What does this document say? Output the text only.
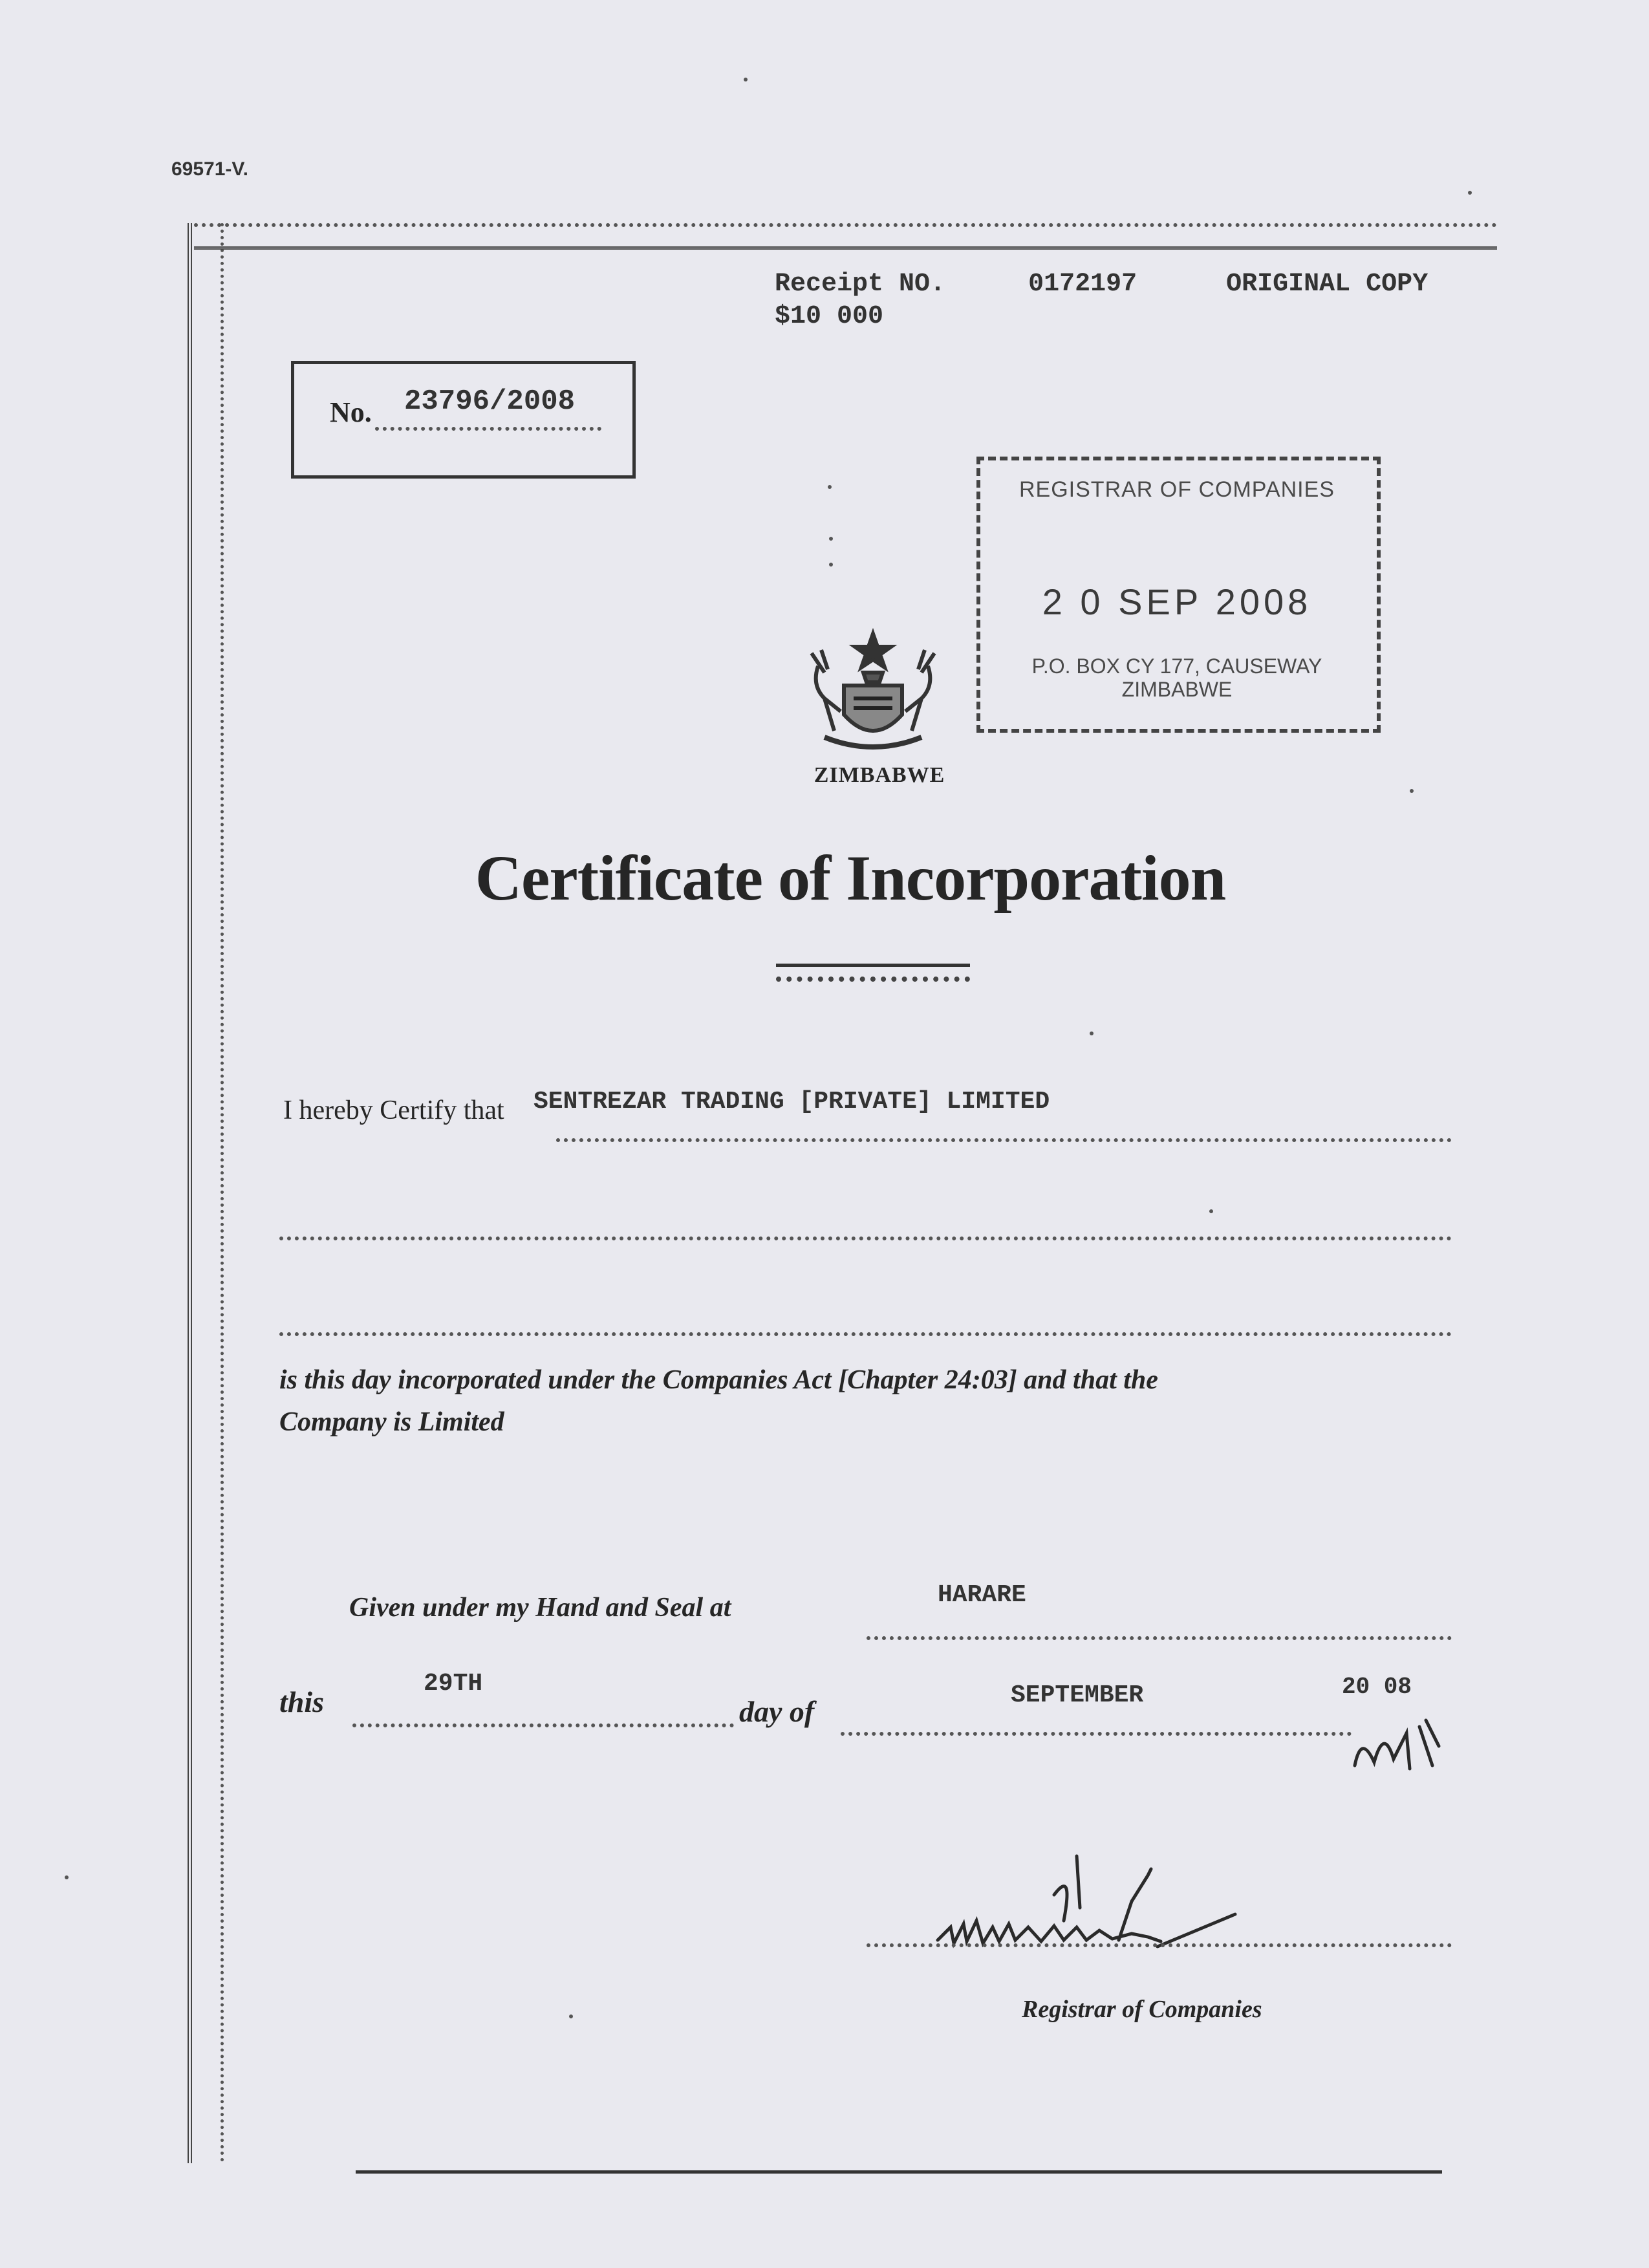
69571-V.
Receipt NO.	0172197	ORIGINAL COPY
$10 000
No. 23796/2008
REGISTRAR OF COMPANIES
2 0 SEP 2008
P.O. BOX CY 177, CAUSEWAY
ZIMBABWE
ZIMBABWE
Certificate of Incorporation
I hereby Certify that SENTREZAR TRADING [PRIVATE] LIMITED
is this day incorporated under the Companies Act [Chapter 24:03] and that the
Company is Limited
Given under my Hand and Seal at	HARARE
this
29TH
day of	SEPTEMBER	20 08
Registrar of Companies
